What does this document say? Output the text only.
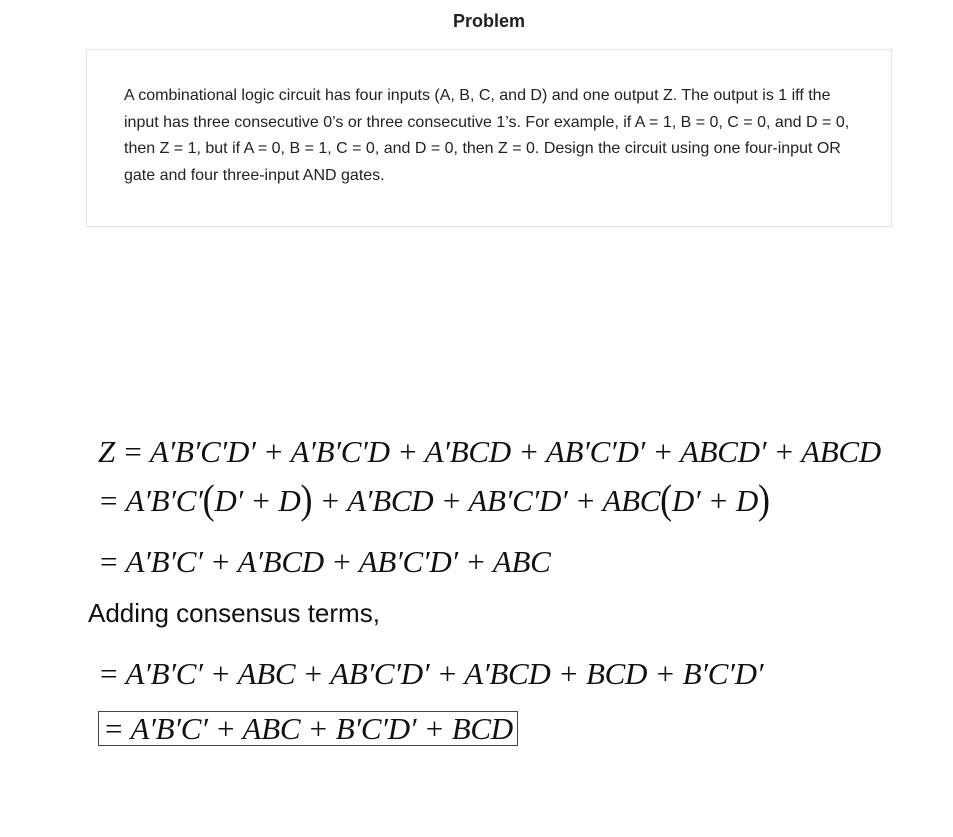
Problem
A combinational logic circuit has four inputs (A, B, C, and D) and one output Z. The output is 1 iff the input has three consecutive 0’s or three consecutive 1’s. For example, if A = 1, B = 0, C = 0, and D = 0, then Z = 1, but if A = 0, B = 1, C = 0, and D = 0, then Z = 0. Design the circuit using one four-input OR gate and four three-input AND gates.
Z = A′B′C′D′ + A′B′C′D + A′BCD + AB′C′D′ + ABCD′ + ABCD
= A′B′C′(D′ + D) + A′BCD + AB′C′D′ + ABC(D′ + D)
= A′B′C′ + A′BCD + AB′C′D′ + ABC
Adding consensus terms,
= A′B′C′ + ABC + AB′C′D′ + A′BCD + BCD + B′C′D′
= A′B′C′ + ABC + B′C′D′ + BCD
